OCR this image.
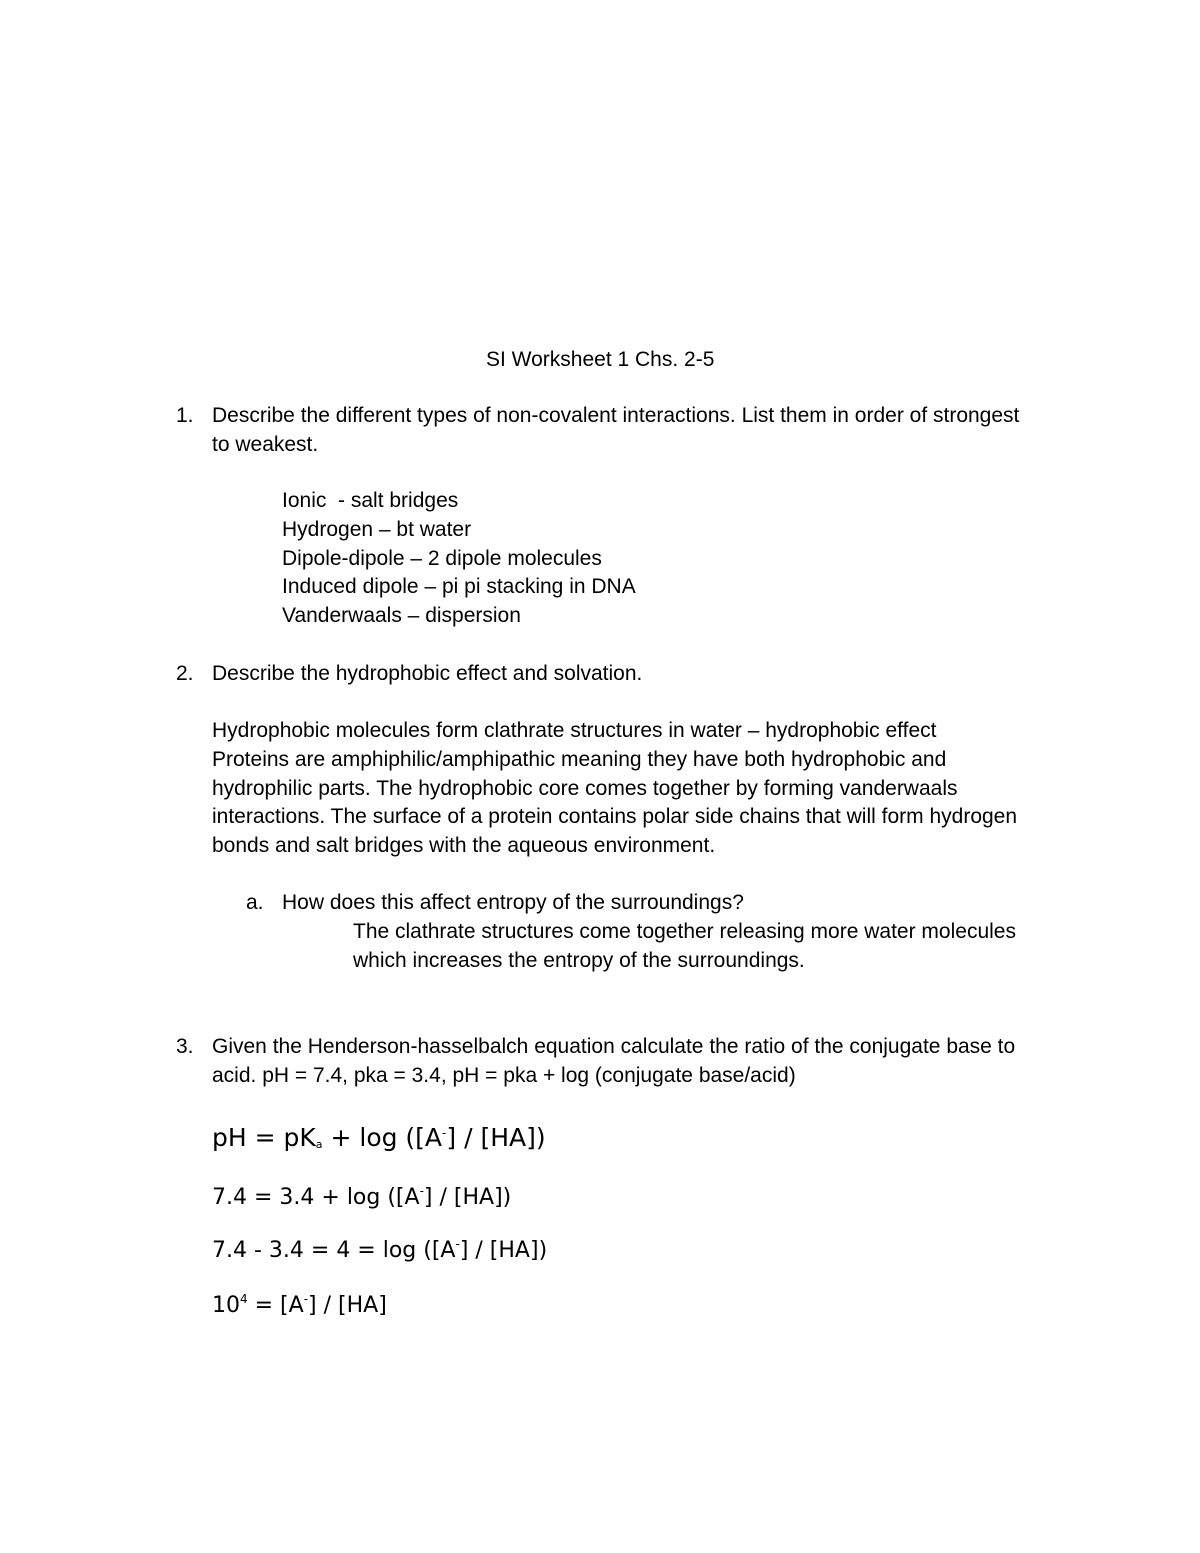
SI Worksheet 1 Chs. 2-5
1. Describe the different types of non-covalent interactions. List them in order of strongest
to weakest.
Ionic  - salt bridges
Hydrogen – bt water
Dipole-dipole – 2 dipole molecules
Induced dipole – pi pi stacking in DNA
Vanderwaals – dispersion
2. Describe the hydrophobic effect and solvation.
Hydrophobic molecules form clathrate structures in water – hydrophobic effect
Proteins are amphiphilic/amphipathic meaning they have both hydrophobic and
hydrophilic parts. The hydrophobic core comes together by forming vanderwaals
interactions. The surface of a protein contains polar side chains that will form hydrogen
bonds and salt bridges with the aqueous environment.
a. How does this affect entropy of the surroundings?
The clathrate structures come together releasing more water molecules
which increases the entropy of the surroundings.
3. Given the Henderson-hasselbalch equation calculate the ratio of the conjugate base to
acid. pH = 7.4, pka = 3.4, pH = pka + log (conjugate base/acid)
pH = $pK_a + \log ([A^-] / [HA])$
7.4 = 3.4 + log ([A-] / [HA])
7.4 - 3.4 = 4 = log ([A-] / [HA])
$10^4 = [A^-] / [HA]$
